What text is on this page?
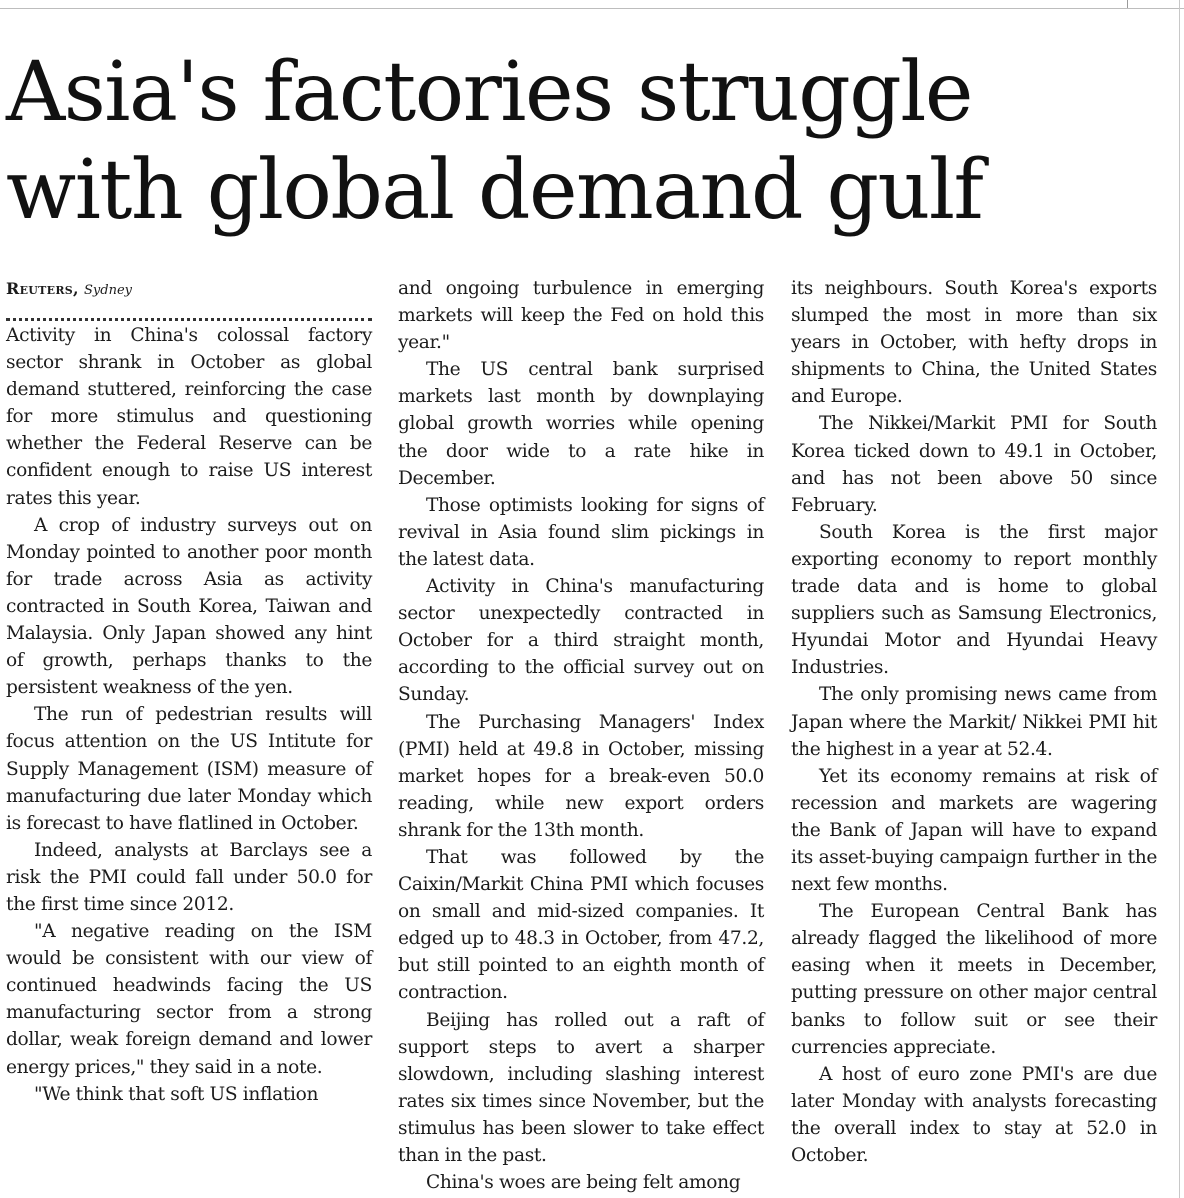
Asia's factories struggle
with global demand gulf
Reuters, Sydney

Activity in China's colossal factory sector shrank in October as global demand stuttered, reinforcing the case for more stimulus and questioning whether the Federal Reserve can be confident enough to raise US interest rates this year.

A crop of industry surveys out on Monday pointed to another poor month for trade across Asia as activity contracted in South Korea, Taiwan and Malaysia. Only Japan showed any hint of growth, perhaps thanks to the persistent weakness of the yen.

The run of pedestrian results will focus attention on the US Intitute for Supply Management (ISM) measure of manufacturing due later Monday which is forecast to have flatlined in October.

Indeed, analysts at Barclays see a risk the PMI could fall under 50.0 for the first time since 2012.

"A negative reading on the ISM would be consistent with our view of continued headwinds facing the US manufacturing sector from a strong dollar, weak foreign demand and lower energy prices," they said in a note.

"We think that soft US inflation

and ongoing turbulence in emerging markets will keep the Fed on hold this year."

The US central bank surprised markets last month by downplaying global growth worries while opening the door wide to a rate hike in December.

Those optimists looking for signs of revival in Asia found slim pickings in the latest data.

Activity in China's manufacturing sector unexpectedly contracted in October for a third straight month, according to the official survey out on Sunday.

The Purchasing Managers' Index (PMI) held at 49.8 in October, missing market hopes for a break-even 50.0 reading, while new export orders shrank for the 13th month.

That was followed by the Caixin/Markit China PMI which focuses on small and mid-sized companies. It edged up to 48.3 in October, from 47.2, but still pointed to an eighth month of contraction.

Beijing has rolled out a raft of support steps to avert a sharper slowdown, including slashing interest rates six times since November, but the stimulus has been slower to take effect than in the past.

China's woes are being felt among

its neighbours. South Korea's exports slumped the most in more than six years in October, with hefty drops in shipments to China, the United States and Europe.

The Nikkei/Markit PMI for South Korea ticked down to 49.1 in October, and has not been above 50 since February.

South Korea is the first major exporting economy to report monthly trade data and is home to global suppliers such as Samsung Electronics, Hyundai Motor and Hyundai Heavy Industries.

The only promising news came from Japan where the Markit/ Nikkei PMI hit the highest in a year at 52.4.

Yet its economy remains at risk of recession and markets are wagering the Bank of Japan will have to expand its asset-buying campaign further in the next few months.

The European Central Bank has already flagged the likelihood of more easing when it meets in December, putting pressure on other major central banks to follow suit or see their currencies appreciate.

A host of euro zone PMI's are due later Monday with analysts forecasting the overall index to stay at 52.0 in October.
